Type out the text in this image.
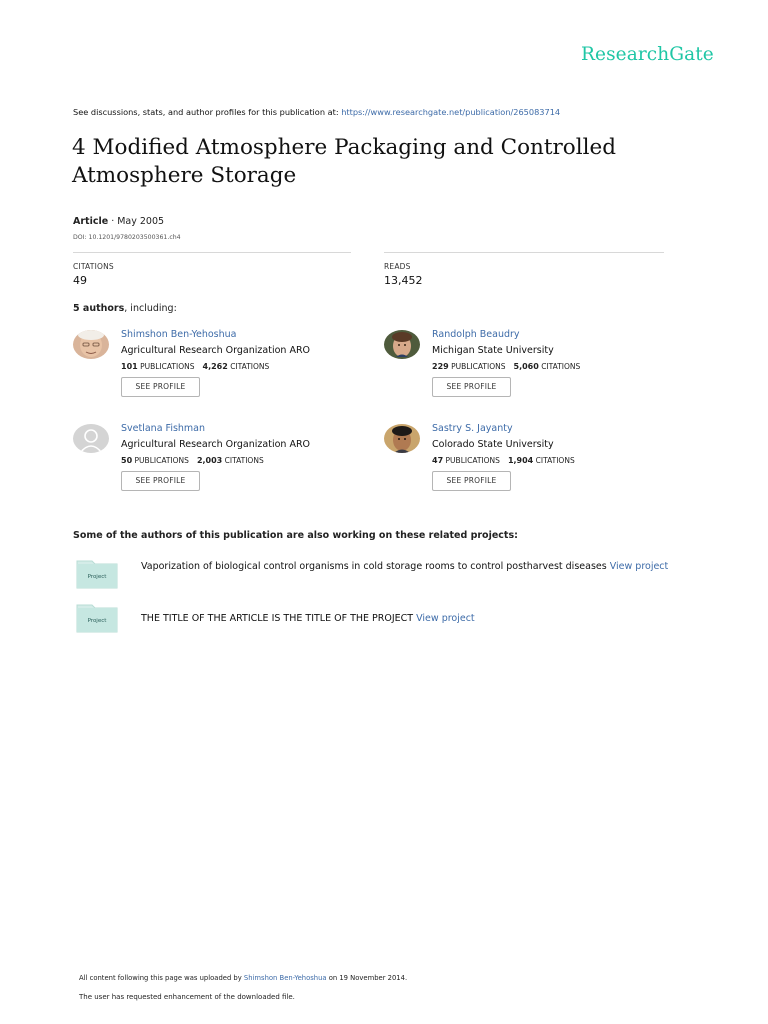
ResearchGate
See discussions, stats, and author profiles for this publication at: https://www.researchgate.net/publication/265083714
4 Modified Atmosphere Packaging and Controlled Atmosphere Storage
Article · May 2005
DOI: 10.1201/9780203500361.ch4
CITATIONS
49
READS
13,452
5 authors, including:
Shimshon Ben-Yehoshua
Agricultural Research Organization ARO
101 PUBLICATIONS 4,262 CITATIONS
SEE PROFILE
Randolph Beaudry
Michigan State University
229 PUBLICATIONS 5,060 CITATIONS
SEE PROFILE
Svetlana Fishman
Agricultural Research Organization ARO
50 PUBLICATIONS 2,003 CITATIONS
SEE PROFILE
Sastry S. Jayanty
Colorado State University
47 PUBLICATIONS 1,904 CITATIONS
SEE PROFILE
Some of the authors of this publication are also working on these related projects:
Project
Vaporization of biological control organisms in cold storage rooms to control postharvest diseases View project
Project	THE TITLE OF THE ARTICLE IS THE TITLE OF THE PROJECT View project
All content following this page was uploaded by Shimshon Ben-Yehoshua on 19 November 2014.
The user has requested enhancement of the downloaded file.
